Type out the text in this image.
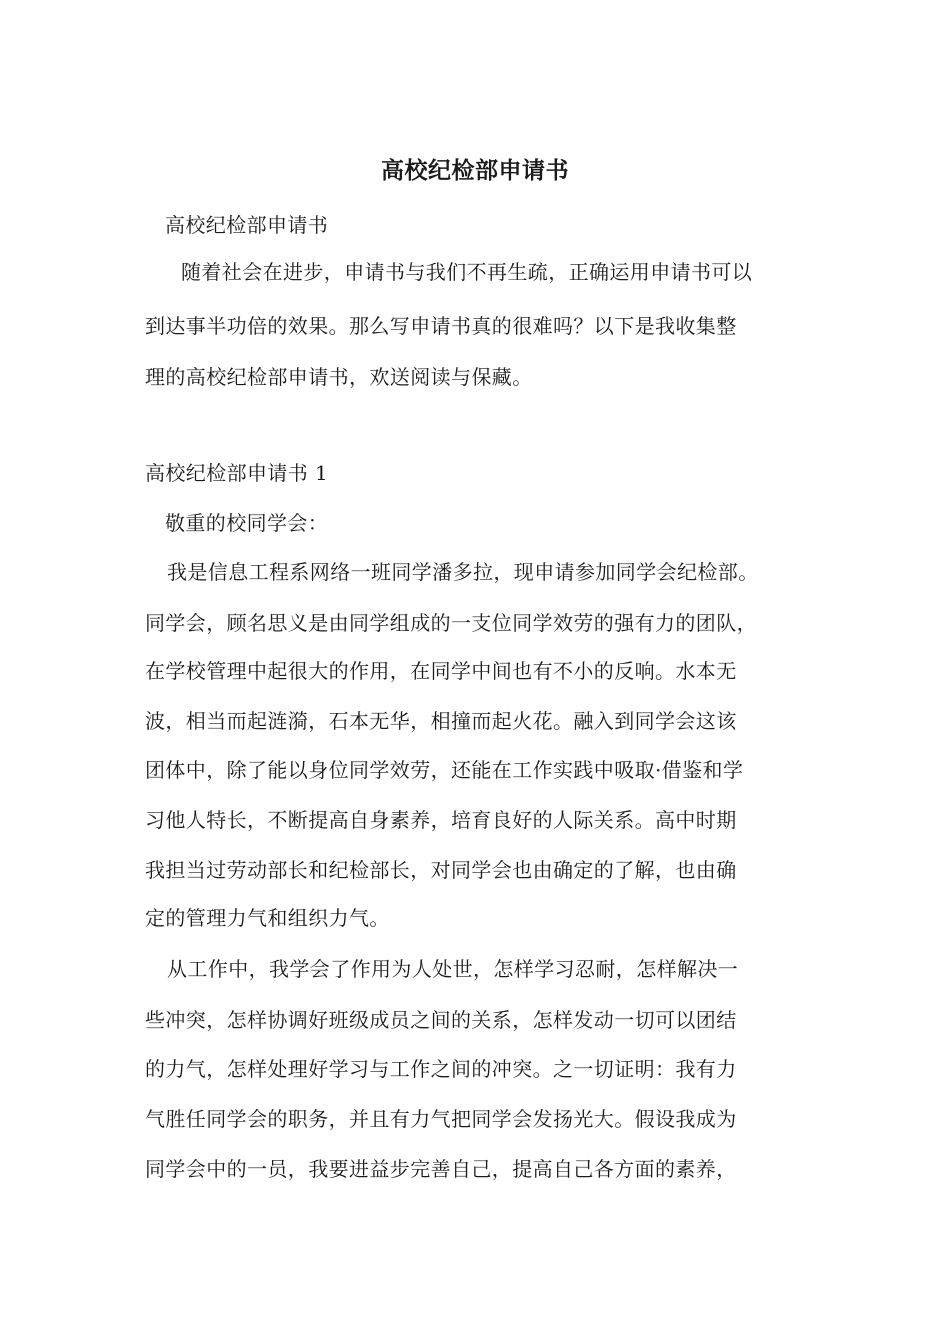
高校纪检部申请书
高校纪检部申请书
随着社会在进步，申请书与我们不再生疏，正确运用申请书可以
到达事半功倍的效果。那么写申请书真的很难吗？以下是我收集整
理的高校纪检部申请书，欢送阅读与保藏。
高校纪检部申请书 1
敬重的校同学会：
我是信息工程系网络一班同学潘多拉，现申请参加同学会纪检部。
同学会，顾名思义是由同学组成的一支位同学效劳的强有力的团队，
在学校管理中起很大的作用，在同学中间也有不小的反响。水本无
波，相当而起涟漪，石本无华，相撞而起火花。融入到同学会这该
团体中，除了能以身位同学效劳，还能在工作实践中吸取·借鉴和学
习他人特长，不断提高自身素养，培育良好的人际关系。高中时期
我担当过劳动部长和纪检部长，对同学会也由确定的了解，也由确
定的管理力气和组织力气。
从工作中，我学会了作用为人处世，怎样学习忍耐，怎样解决一
些冲突，怎样协调好班级成员之间的关系，怎样发动一切可以团结
的力气，怎样处理好学习与工作之间的冲突。之一切证明：我有力
气胜任同学会的职务，并且有力气把同学会发扬光大。假设我成为
同学会中的一员，我要进益步完善自己，提高自己各方面的素养，
